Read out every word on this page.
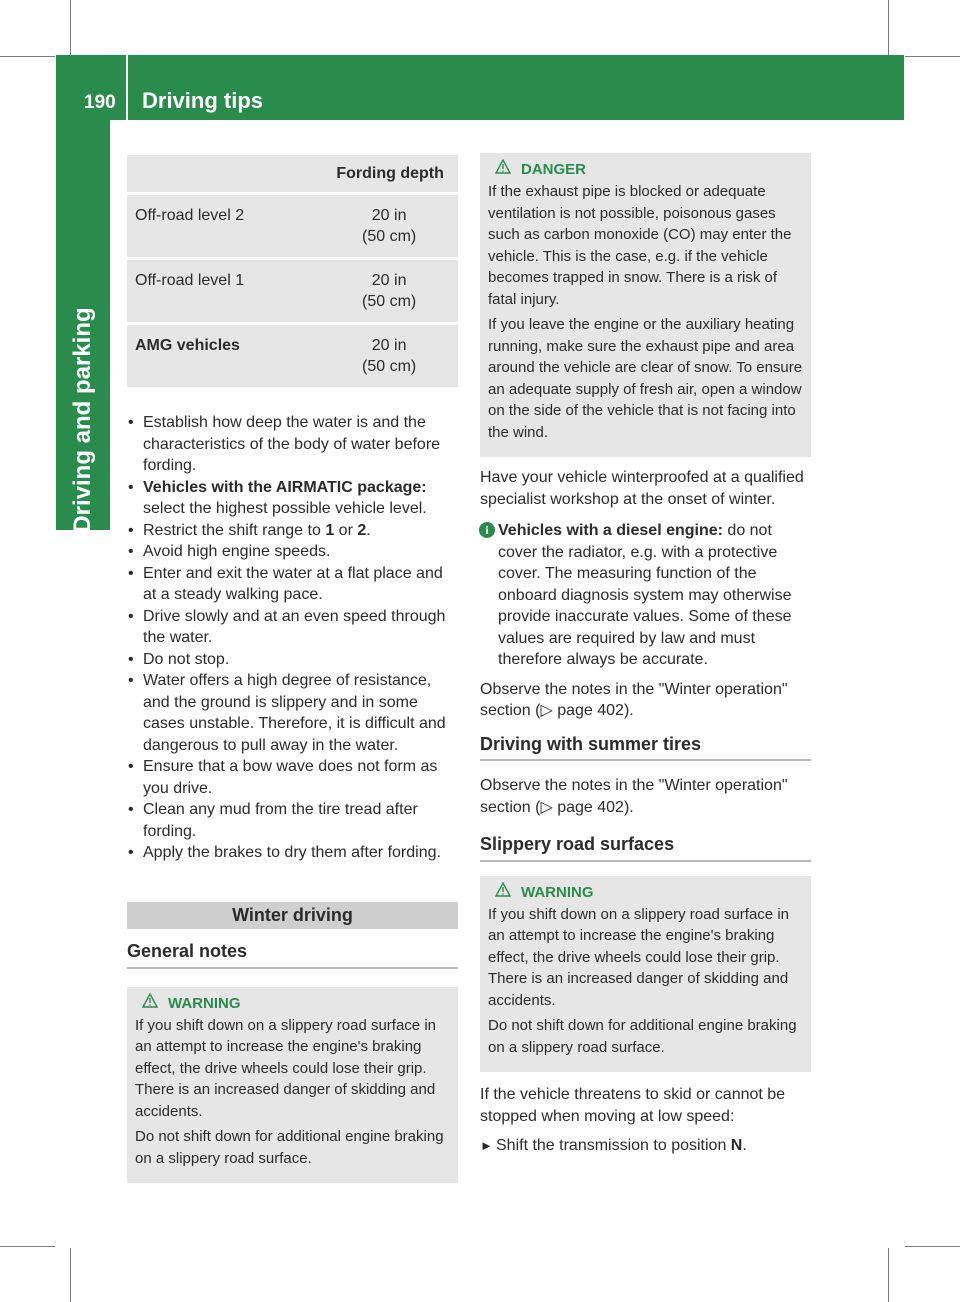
190 Driving tips
Driving and parking
	Fording depth
Off-road level 2	20 in
(50 cm)

Off-road level 1	20 in
(50 cm)

AMG vehicles	20 in
(50 cm)
• Establish how deep the water is and the characteristics of the body of water before fording.
• Vehicles with the AIRMATIC package:
select the highest possible vehicle level.
• Restrict the shift range to 1 or 2.
• Avoid high engine speeds.
• Enter and exit the water at a flat place and at a steady walking pace.
• Drive slowly and at an even speed through the water.
• Do not stop.
• Water offers a high degree of resistance, and the ground is slippery and in some cases unstable. Therefore, it is difficult and dangerous to pull away in the water.
• Ensure that a bow wave does not form as you drive.
• Clean any mud from the tire tread after fording.
• Apply the brakes to dry them after fording.
Winter driving
General notes
WARNING

If you shift down on a slippery road surface in an attempt to increase the engine's braking effect, the drive wheels could lose their grip. There is an increased danger of skidding and accidents.

Do not shift down for additional engine braking on a slippery road surface.

DANGER

If the exhaust pipe is blocked or adequate ventilation is not possible, poisonous gases such as carbon monoxide (CO) may enter the vehicle. This is the case, e.g. if the vehicle becomes trapped in snow. There is a risk of fatal injury.

If you leave the engine or the auxiliary heating running, make sure the exhaust pipe and area around the vehicle are clear of snow. To ensure an adequate supply of fresh air, open a window on the side of the vehicle that is not facing into the wind.

Have your vehicle winterproofed at a qualified specialist workshop at the onset of winter.

i Vehicles with a diesel engine: do not cover the radiator, e.g. with a protective cover. The measuring function of the onboard diagnosis system may otherwise provide inaccurate values. Some of these values are required by law and must therefore always be accurate.

Observe the notes in the "Winter operation" section (▷ page 402).

Driving with summer tires

Observe the notes in the "Winter operation" section (▷ page 402).

Slippery road surfaces
WARNING

If you shift down on a slippery road surface in an attempt to increase the engine's braking effect, the drive wheels could lose their grip. There is an increased danger of skidding and accidents.

Do not shift down for additional engine braking on a slippery road surface.

If the vehicle threatens to skid or cannot be stopped when moving at low speed:

► Shift the transmission to position N.
